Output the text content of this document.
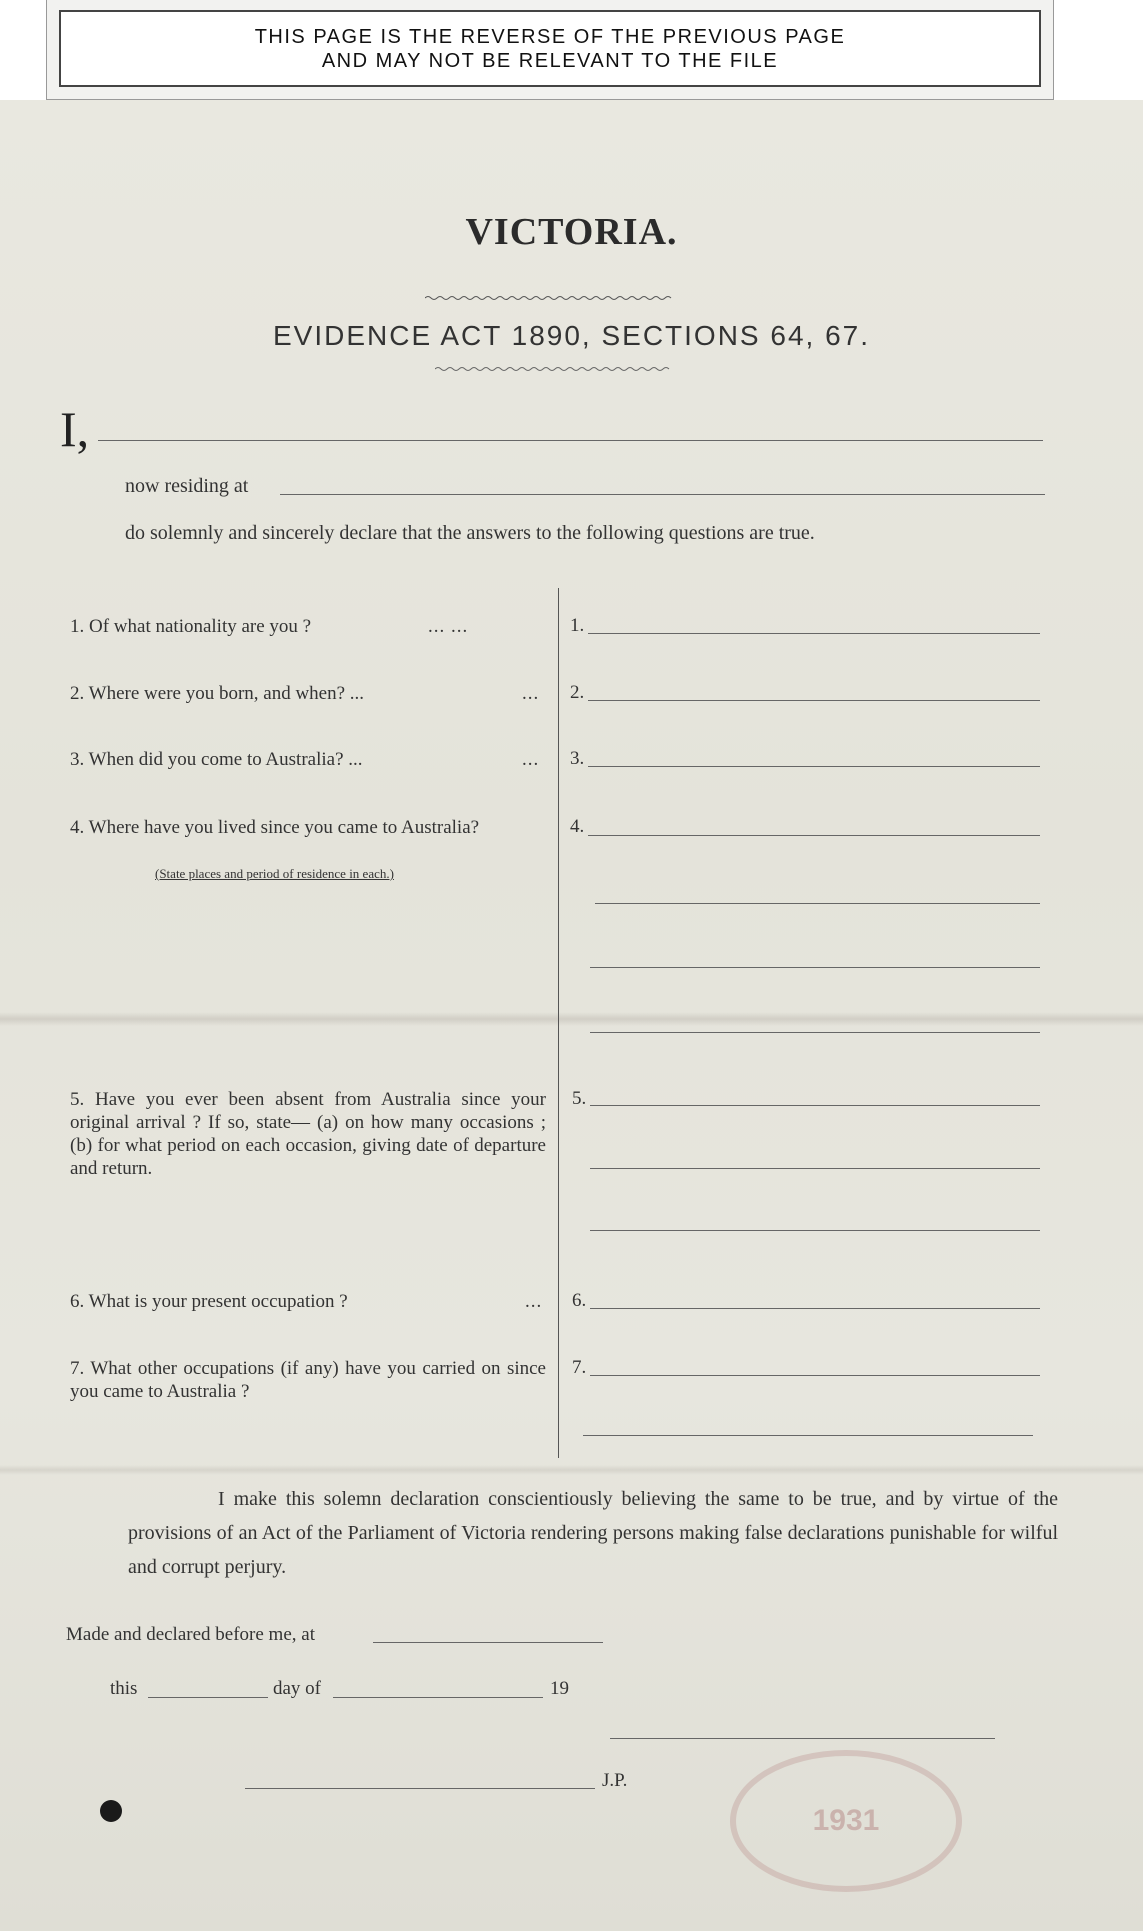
THIS PAGE IS THE REVERSE OF THE PREVIOUS PAGE
AND MAY NOT BE RELEVANT TO THE FILE
VICTORIA.
EVIDENCE ACT 1890, SECTIONS 64, 67.
I,
now residing at
do solemnly and sincerely declare that the answers to the following questions are true.
1. Of what nationality are you ?	... ...	1.
2. Where were you born, and when? ...	... 2.
3. When did you come to Australia? ...	... 3.
4. Where have you lived since you came to Australia?
(State places and period of residence in each.)
4.
5. Have you ever been absent from Australia since your original arrival ? If so, state— (a) on how many occasions ; (b) for what period on each occasion, giving date of departure and return.
5.
6. What is your present occupation ?	... 6.
7. What other occupations (if any) have you carried on since you came to Australia ?
7.
I make this solemn declaration conscientiously believing the same to be true, and by virtue of the provisions of an Act of the Parliament of Victoria rendering persons making false declarations punishable for wilful and corrupt perjury.
Made and declared before me, at
this	day of	19
J.P.
1931
